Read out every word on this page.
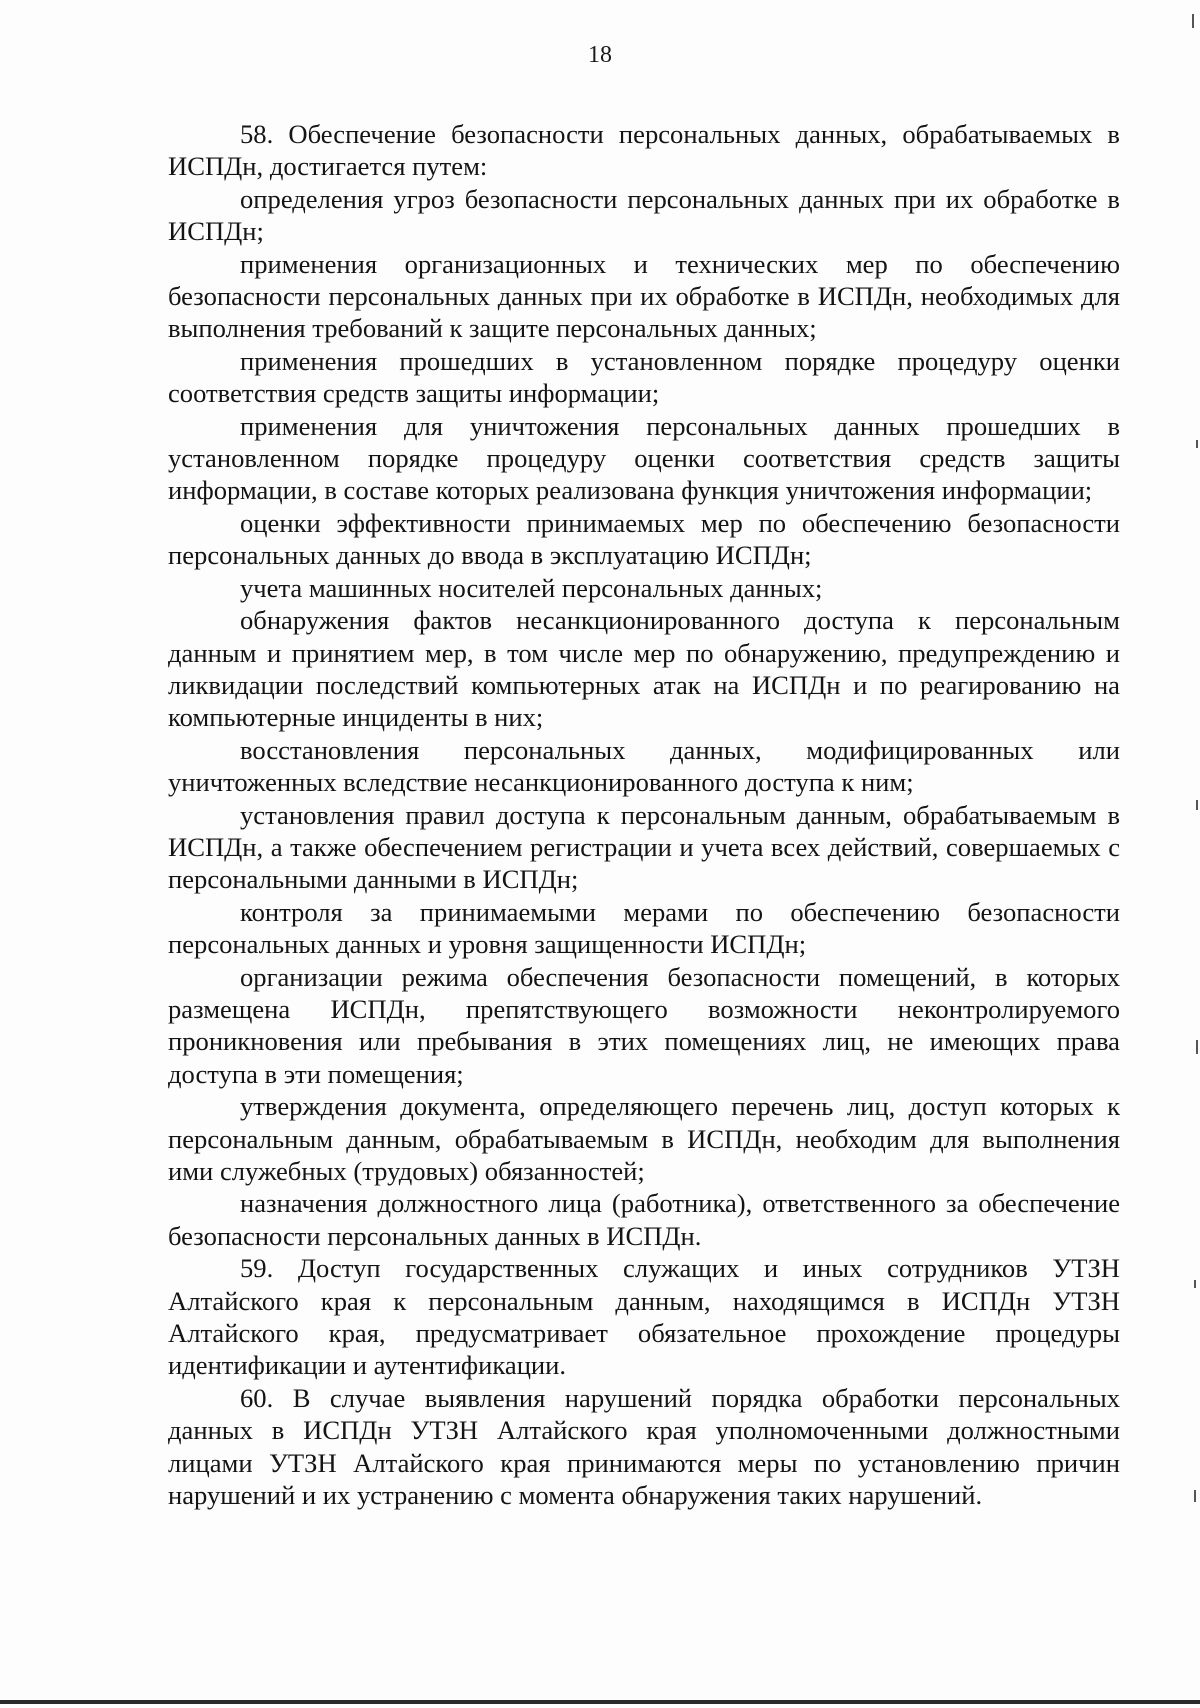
18

58. Обеспечение безопасности персональных данных, обрабатываемых в ИСПДн, достигается путем:

определения угроз безопасности персональных данных при их обработке в ИСПДн;

применения организационных и технических мер по обеспечению безопасности персональных данных при их обработке в ИСПДн, необходимых для выполнения требований к защите персональных данных;

применения прошедших в установленном порядке процедуру оценки соответствия средств защиты информации;

применения для уничтожения персональных данных прошедших в установленном порядке процедуру оценки соответствия средств защиты информации, в составе которых реализована функция уничтожения информации;

оценки эффективности принимаемых мер по обеспечению безопасности персональных данных до ввода в эксплуатацию ИСПДн;

учета машинных носителей персональных данных;

обнаружения фактов несанкционированного доступа к персональным данным и принятием мер, в том числе мер по обнаружению, предупреждению и ликвидации последствий компьютерных атак на ИСПДн и по реагированию на компьютерные инциденты в них;

восстановления персональных данных, модифицированных или уничтоженных вследствие несанкционированного доступа к ним;

установления правил доступа к персональным данным, обрабатываемым в ИСПДн, а также обеспечением регистрации и учета всех действий, совершаемых с персональными данными в ИСПДн;

контроля за принимаемыми мерами по обеспечению безопасности персональных данных и уровня защищенности ИСПДн;

организации режима обеспечения безопасности помещений, в которых размещена ИСПДн, препятствующего возможности неконтролируемого проникновения или пребывания в этих помещениях лиц, не имеющих права доступа в эти помещения;

утверждения документа, определяющего перечень лиц, доступ которых к персональным данным, обрабатываемым в ИСПДн, необходим для выполнения ими служебных (трудовых) обязанностей;

назначения должностного лица (работника), ответственного за обеспечение безопасности персональных данных в ИСПДн.

59. Доступ государственных служащих и иных сотрудников УТЗН Алтайского края к персональным данным, находящимся в ИСПДн УТЗН Алтайского края, предусматривает обязательное прохождение процедуры идентификации и аутентификации.

60. В случае выявления нарушений порядка обработки персональных данных в ИСПДн УТЗН Алтайского края уполномоченными должностными лицами УТЗН Алтайского края принимаются меры по установлению причин нарушений и их устранению с момента обнаружения таких нарушений.
